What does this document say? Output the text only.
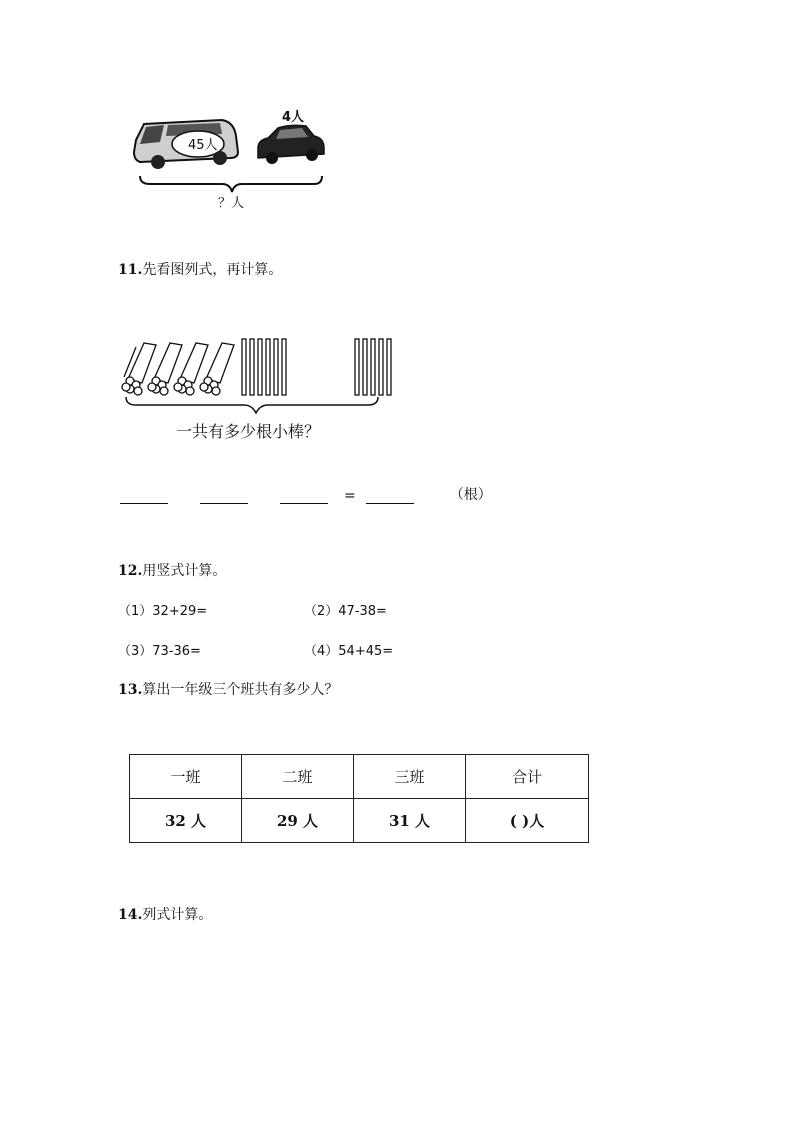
45人
4人
？人
11.先看图列式，再计算。
一共有多少根小棒？
=	（根）
12.用竖式计算。
（1）32+29=	（2）47-38=
（3）73-36=	（4）54+45=
13.算出一年级三个班共有多少人？
一班	二班	三班	合计
32 人	29 人	31 人	( )人
14.列式计算。
